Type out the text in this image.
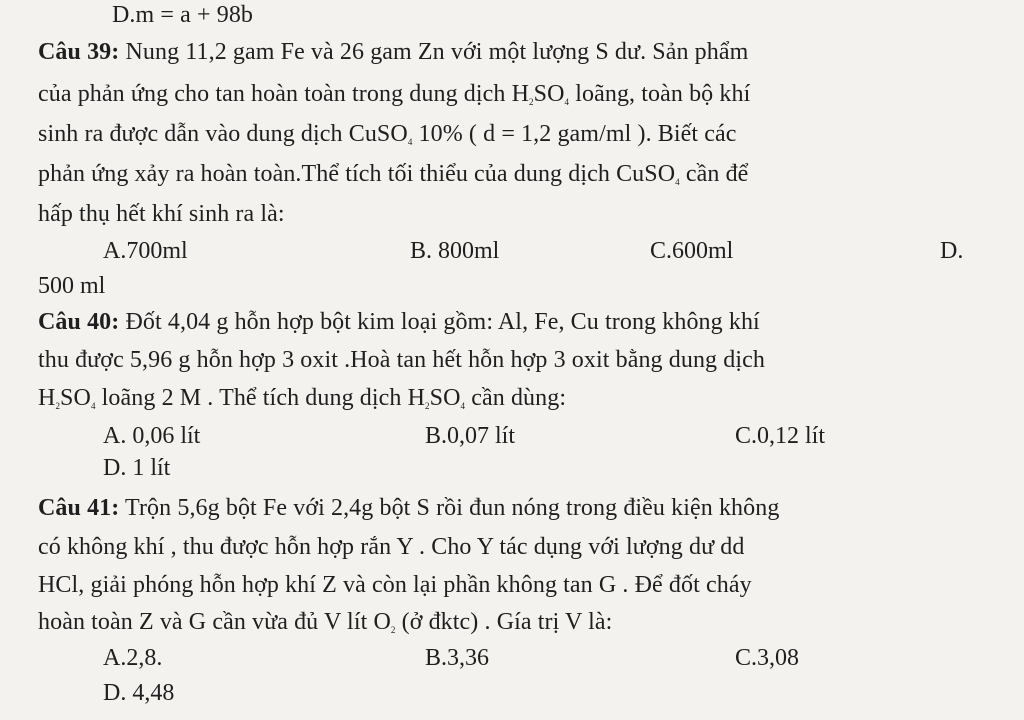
D.m = a + 98b
Câu 39: Nung 11,2 gam Fe và 26 gam Zn với một lượng S dư. Sản phẩm
của phản ứng cho tan hoàn toàn trong dung dịch $H_2SO_4$ loãng, toàn bộ khí
sinh ra được dẫn vào dung dịch CuSO$_4$ 10% ( d = 1,2 gam/ml ). Biết các
phản ứng xảy ra hoàn toàn.Thể tích tối thiểu của dung dịch CuSO$_4$ cần để
hấp thụ hết khí sinh ra là:
A.700ml	B. 800ml	C.600ml	D.
500 ml
Câu 40: Đốt 4,04 g hỗn hợp bột kim loại gồm: Al, Fe, Cu trong không khí
thu được 5,96 g hỗn hợp 3 oxit .Hoà tan hết hỗn hợp 3 oxit bằng dung dịch
$H_2SO_4$ loãng 2 M . Thể tích dung dịch $H_2SO_4$ cần dùng:
A. 0,06 lít	B.0,07 lít	C.0,12 lít
D. 1 lít
Câu 41: Trộn 5,6g bột Fe với 2,4g bột S rồi đun nóng trong điều kiện không
có không khí , thu được hỗn hợp rắn Y . Cho Y tác dụng với lượng dư dd
HCl, giải phóng hỗn hợp khí Z và còn lại phần không tan G . Để đốt cháy
hoàn toàn Z và G cần vừa đủ V lít $O_2$ (ở đktc) . Gía trị V là:
A.2,8.	B.3,36	C.3,08
D. 4,48
